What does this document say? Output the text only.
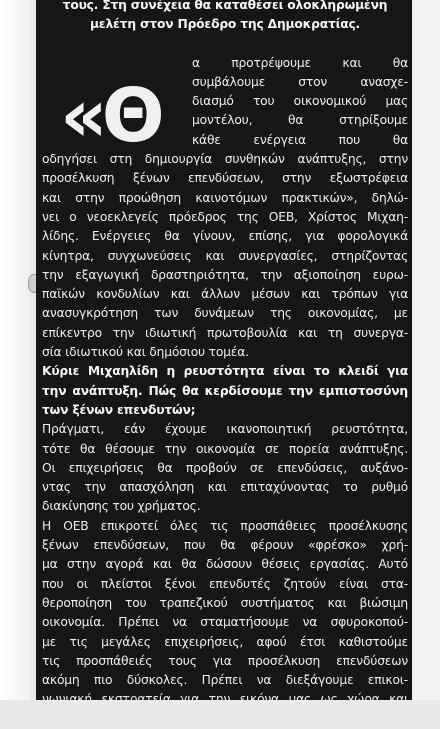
τους. Στη συνέχεια θα καταθέσει ολοκληρωμένη
μελέτη στον Πρόεδρο της Δημοκρατίας.
α προτρέψουμε και θα
συμβάλουμε στον ανασχε-
διασμό του οικονομικού μας
μοντέλου, θα στηρίξουμε
κάθε ενέργεια που θα
οδηγήσει στη δημιουργία συνθηκών ανάπτυξης, στην
προσέλκυση ξένων επενδύσεων, στην εξωστρέφεια
και στην προώθηση καινοτόμων πρακτικών», δηλώ-
νει ο νεοεκλεγείς πρόεδρος της ΟΕΒ, Χρίστος Μιχαη-
λίδης. Ενέργειες θα γίνουν, επίσης, για φορολογικά
κίνητρα, συγχωνεύσεις και συνεργασίες, στηρίζοντας
την εξαγωγική δραστηριότητα, την αξιοποίηση ευρω-
παϊκών κονδυλίων και άλλων μέσων και τρόπων για
ανασυγκρότηση των δυνάμεων της οικονομίας, με
επίκεντρο την ιδιωτική πρωτοβουλία και τη συνεργα-
σία ιδιωτικού και δημόσιου τομέα.
Κύριε Μιχαηλίδη η ρευστότητα είναι το κλειδί για
την ανάπτυξη. Πώς θα κερδίσουμε την εμπιστοσύνη
των ξένων επενδυτών;
Πράγματι, εάν έχουμε ικανοποιητική ρευστότητα,
τότε θα θέσουμε την οικονομία σε πορεία ανάπτυξης.
Οι επιχειρήσεις θα προβούν σε επενδύσεις, αυξάνο-
ντας την απασχόληση και επιταχύνοντας το ρυθμό
διακίνησης του χρήματος.
Η ΟΕΒ επικροτεί όλες τις προσπάθειες προσέλκυσης
ξένων επενδύσεων, που θα φέρουν «φρέσκο» χρή-
μα στην αγορά και θα δώσουν θέσεις εργασίας. Αυτό
που οι πλείστοι ξένοι επενδυτές ζητούν είναι στα-
θεροποίηση του τραπεζικού συστήματος και βιώσιμη
οικονομία. Πρέπει να σταματήσουμε να σφυροκοπού-
με τις μεγάλες επιχειρήσεις, αφού έτσι καθιστούμε
τις προσπάθειές τους για προσέλκυση επενδύσεων
ακόμη πιο δύσκολες. Πρέπει να διεξάγουμε επικοι-
νωνιακή εκστρατεία για την εικόνα μας ως χώρα και
επιχειρηματικό - επενδυτικό κέντρο. Καθοριστικής
«Θ
